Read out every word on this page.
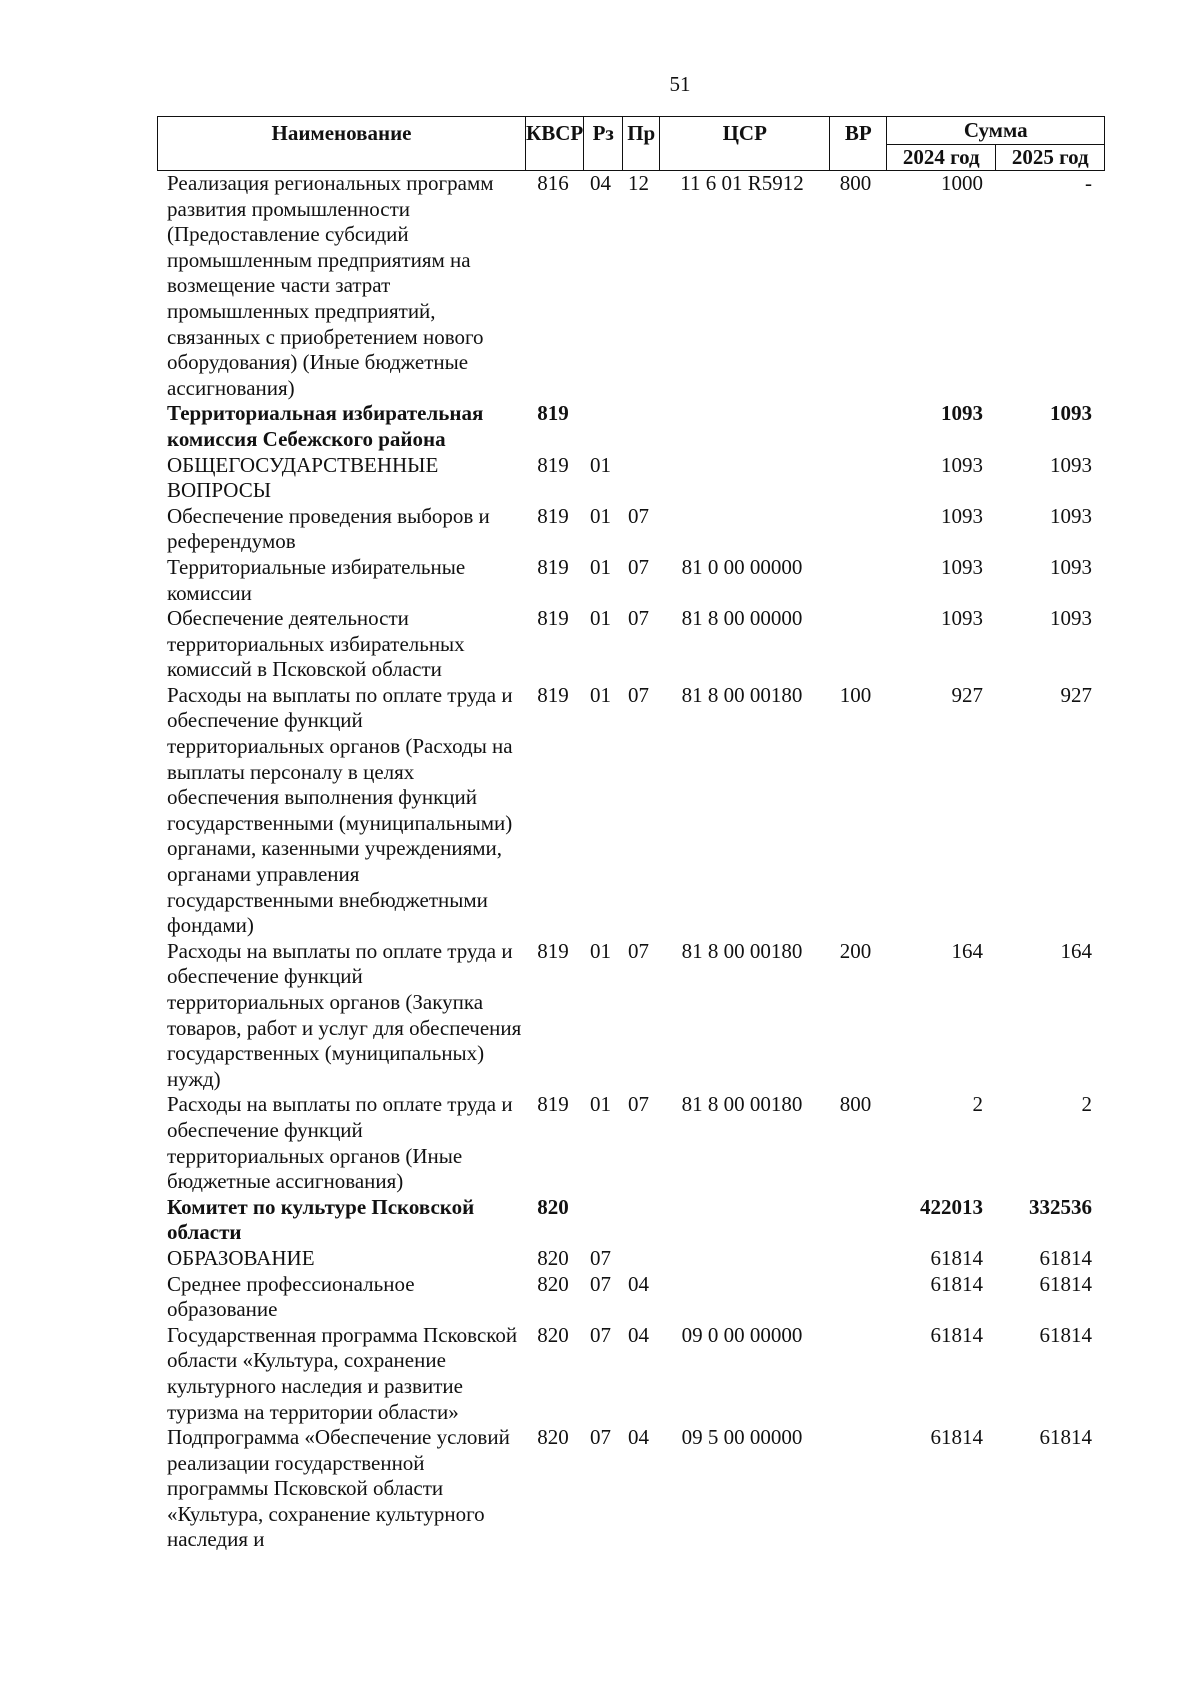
51
Наименование	КВСР	Рз	Пр	ЦСР	ВР	Сумма	
						2024 год	2025 год
Реализация региональных программ развития промышленности (Предоставление субсидий промышленным предприятиям на возмещение части затрат промышленных предприятий, связанных с приобретением нового оборудования) (Иные бюджетные ассигнования)	816	04	12	11 6 01 R5912	800	1000	-
Территориальная избирательная комиссия Себежского района	819					1093	1093
ОБЩЕГОСУДАРСТВЕННЫЕ ВОПРОСЫ	819	01				1093	1093
Обеспечение проведения выборов и референдумов	819	01	07			1093	1093
Территориальные избирательные комиссии	819	01	07	81 0 00 00000		1093	1093
Обеспечение деятельности территориальных избирательных комиссий в Псковской области	819	01	07	81 8 00 00000		1093	1093
Расходы на выплаты по оплате труда и обеспечение функций территориальных органов (Расходы на выплаты персоналу в целях обеспечения выполнения функций государственными (муниципальными) органами, казенными учреждениями, органами управления государственными внебюджетными фондами)	819	01	07	81 8 00 00180	100	927	927
Расходы на выплаты по оплате труда и обеспечение функций территориальных органов (Закупка товаров, работ и услуг для обеспечения государственных (муниципальных) нужд)	819	01	07	81 8 00 00180	200	164	164
Расходы на выплаты по оплате труда и обеспечение функций территориальных органов (Иные бюджетные ассигнования)	819	01	07	81 8 00 00180	800	2	2
Комитет по культуре Псковской области	820					422013	332536
ОБРАЗОВАНИЕ	820	07				61814	61814
Среднее профессиональное образование	820	07	04			61814	61814
Государственная программа Псковской области «Культура, сохранение культурного наследия и развитие туризма на территории области»	820	07	04	09 0 00 00000		61814	61814
Подпрограмма «Обеспечение условий реализации государственной программы Псковской области «Культура, сохранение культурного наследия и	820	07	04	09 5 00 00000		61814	61814
